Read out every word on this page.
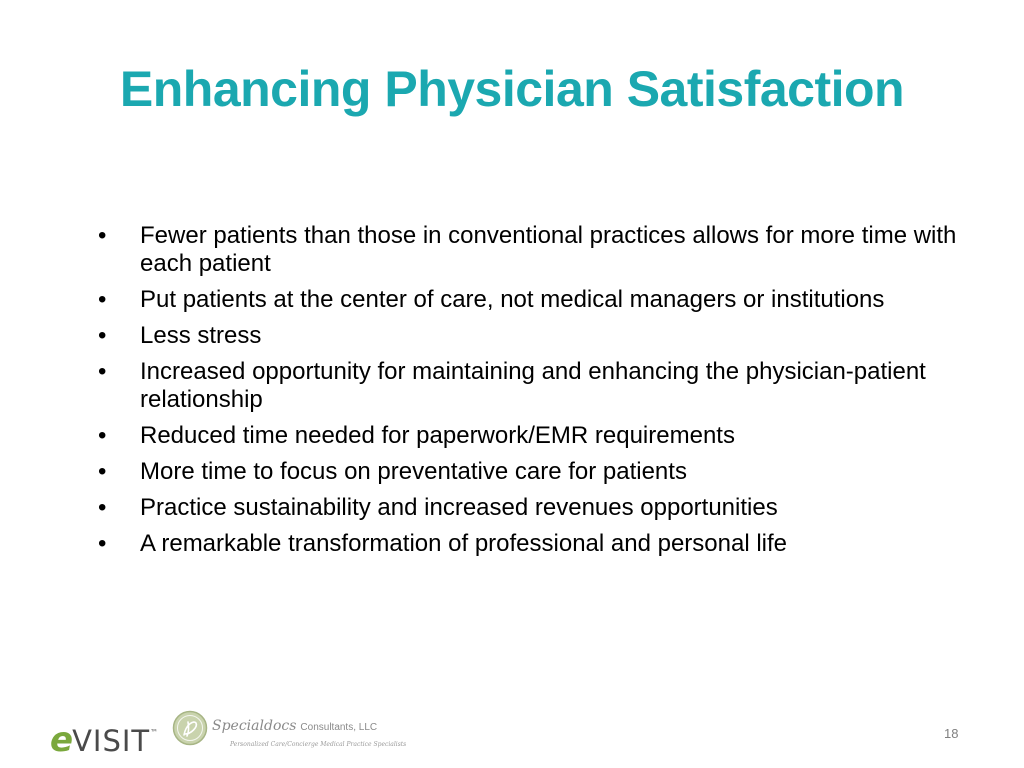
Enhancing Physician Satisfaction
•	Fewer patients than those in conventional practices allows for more time with each patient
•	Put patients at the center of care, not medical managers or institutions
•	Less stress
•	Increased opportunity for maintaining and enhancing the physician-patient relationship
•	Reduced time needed for paperwork/EMR requirements
•	More time to focus on preventative care for patients
•	Practice sustainability and increased revenues opportunities
•	A remarkable transformation of professional and personal life
e VISIT ™	Specialdocs Consultants, LLC
Personalized Care/Concierge Medical Practice Specialists
18
